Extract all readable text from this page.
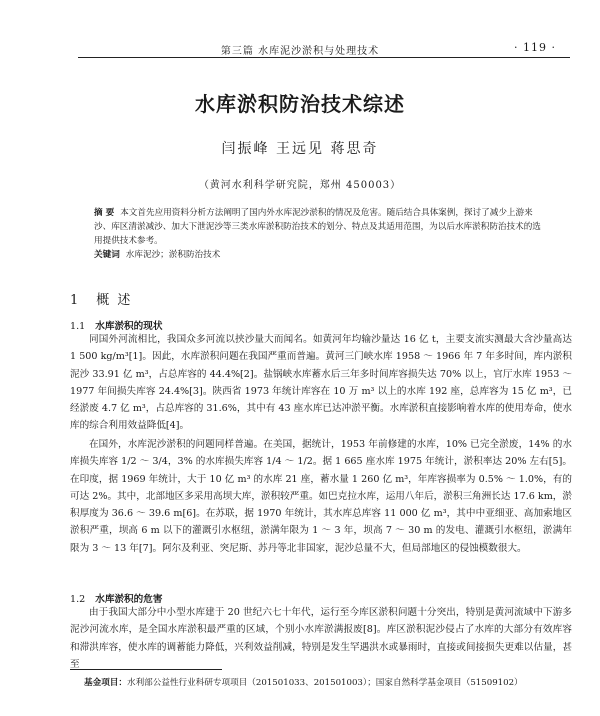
第三篇 水库泥沙淤积与处理技术	· 119 ·
水库淤积防治技术综述
闫振峰 王远见 蒋思奇
（黄河水利科学研究院，郑州 450003）
摘 要 本文首先应用资料分析方法阐明了国内外水库泥沙淤积的情况及危害。随后结合具体案例，探讨了减少上游来沙、库区清淤减沙、加大下泄泥沙等三类水库淤积防治技术的划分、特点及其适用范围，为以后水库淤积防治技术的选用提供技术参考。
关键词 水库泥沙；淤积防治技术
1 概 述
1.1 水库淤积的现状
同国外河流相比，我国众多河流以挟沙量大而闻名。如黄河年均输沙量达 16 亿 t，主要支流实测最大含沙量高达 1 500 kg/m³[1]。因此，水库淤积问题在我国严重而普遍。黄河三门峡水库 1958 ～ 1966 年 7 年多时间，库内淤积泥沙 33.91 亿 m³，占总库容的 44.4%[2]。盐锅峡水库蓄水后三年多时间库容损失达 70% 以上，官厅水库 1953 ～ 1977 年间损失库容 24.4%[3]。陕西省 1973 年统计库容在 10 万 m³ 以上的水库 192 座，总库容为 15 亿 m³，已经淤废 4.7 亿 m³，占总库容的 31.6%，其中有 43 座水库已达冲淤平衡。水库淤积直接影响着水库的使用寿命，使水库的综合利用效益降低[4]。
在国外，水库泥沙淤积的问题同样普遍。在美国，据统计，1953 年前修建的水库，10% 已完全淤废，14% 的水库损失库容 1/2 ～ 3/4，3% 的水库损失库容 1/4 ～ 1/2。据 1 665 座水库 1975 年统计，淤积率达 20% 左右[5]。在印度，据 1969 年统计，大于 10 亿 m³ 的水库 21 座，蓄水量 1 260 亿 m³，年库容损率为 0.5% ～ 1.0%，有的可达 2%。其中，北部地区多采用高坝大库，淤积较严重。如巴克拉水库，运用八年后，淤积三角洲长达 17.6 km，淤积厚度为 36.6 ～ 39.6 m[6]。在苏联，据 1970 年统计，其水库总库容 11 000 亿 m³，其中中亚细亚、高加索地区淤积严重，坝高 6 m 以下的灌溉引水枢纽，淤满年限为 1 ～ 3 年，坝高 7 ～ 30 m 的发电、灌溉引水枢纽，淤满年限为 3 ～ 13 年[7]。阿尔及利亚、突尼斯、苏丹等北非国家，泥沙总量不大，但局部地区的侵蚀模数很大。
1.2 水库淤积的危害
由于我国大部分中小型水库建于 20 世纪六七十年代，运行至今库区淤积问题十分突出，特别是黄河流域中下游多泥沙河流水库，是全国水库淤积最严重的区域，个别小水库淤满报废[8]。库区淤积泥沙侵占了水库的大部分有效库容和滞洪库容，使水库的调蓄能力降低，兴利效益削减，特别是发生罕遇洪水或暴雨时，直接或间接损失更难以估量，甚至
基金项目：水利部公益性行业科研专项项目（201501033、201501003）；国家自然科学基金项目（51509102）
